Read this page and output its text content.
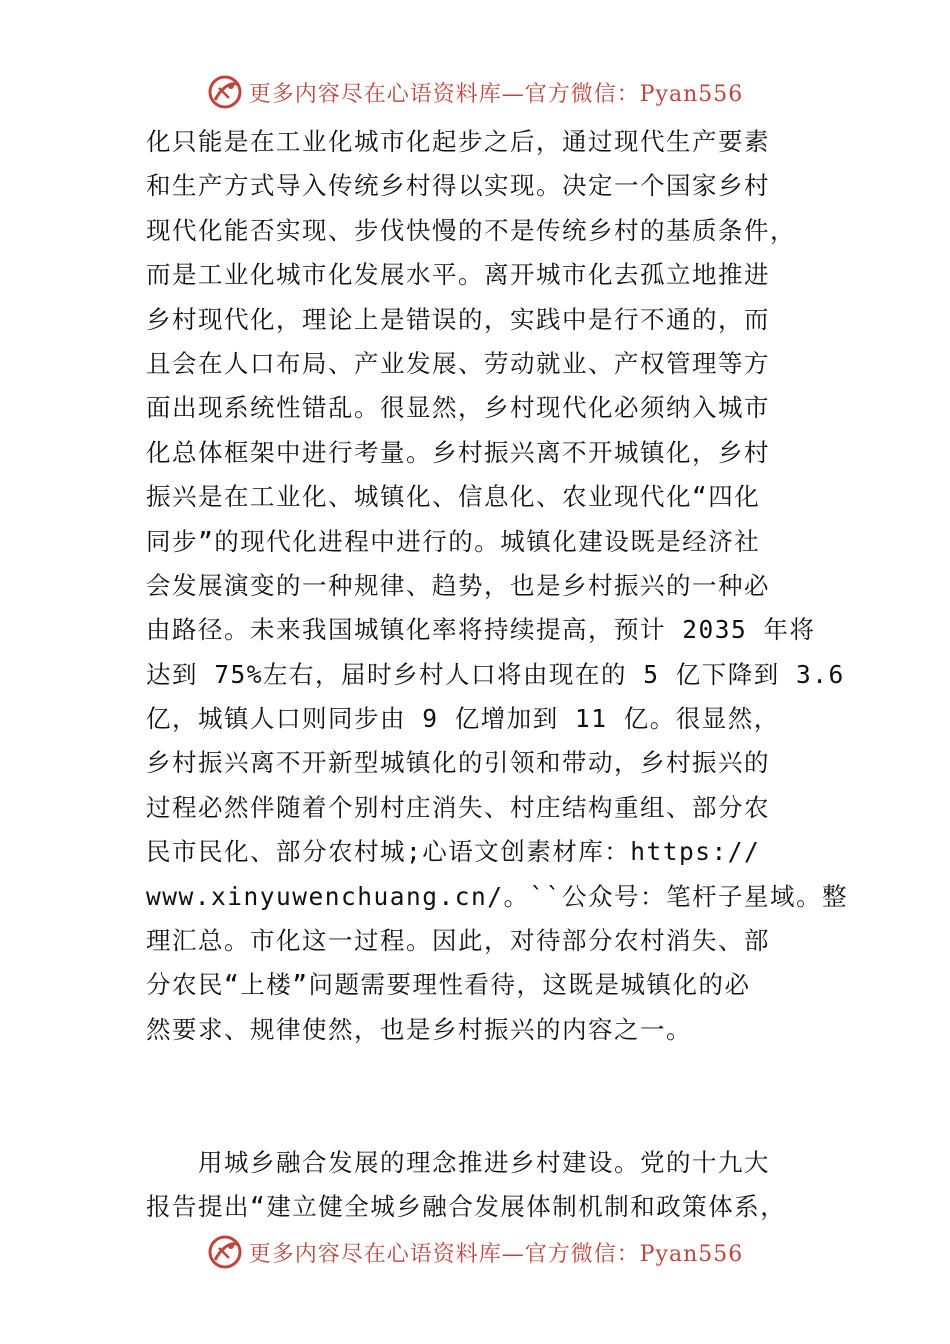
更多内容尽在心语资料库—官方微信：Pyan556
化只能是在工业化城市化起步之后，通过现代生产要素
和生产方式导入传统乡村得以实现。决定一个国家乡村
现代化能否实现、步伐快慢的不是传统乡村的基质条件，
而是工业化城市化发展水平。离开城市化去孤立地推进
乡村现代化，理论上是错误的，实践中是行不通的，而
且会在人口布局、产业发展、劳动就业、产权管理等方
面出现系统性错乱。很显然，乡村现代化必须纳入城市
化总体框架中进行考量。乡村振兴离不开城镇化，乡村
振兴是在工业化、城镇化、信息化、农业现代化“四化
同步”的现代化进程中进行的。城镇化建设既是经济社
会发展演变的一种规律、趋势，也是乡村振兴的一种必
由路径。未来我国城镇化率将持续提高，预计 2035 年将
达到 75%左右，届时乡村人口将由现在的 5 亿下降到 3.6
亿，城镇人口则同步由 9 亿增加到 11 亿。很显然，
乡村振兴离不开新型城镇化的引领和带动，乡村振兴的
过程必然伴随着个别村庄消失、村庄结构重组、部分农
民市民化、部分农村城;心语文创素材库：https://
www.xinyuwenchuang.cn/。``公众号：笔杆子星域。整
理汇总。市化这一过程。因此，对待部分农村消失、部
分农民“上楼”问题需要理性看待，这既是城镇化的必
然要求、规律使然，也是乡村振兴的内容之一。
　　用城乡融合发展的理念推进乡村建设。党的十九大
报告提出“建立健全城乡融合发展体制机制和政策体系，
更多内容尽在心语资料库—官方微信：Pyan556
